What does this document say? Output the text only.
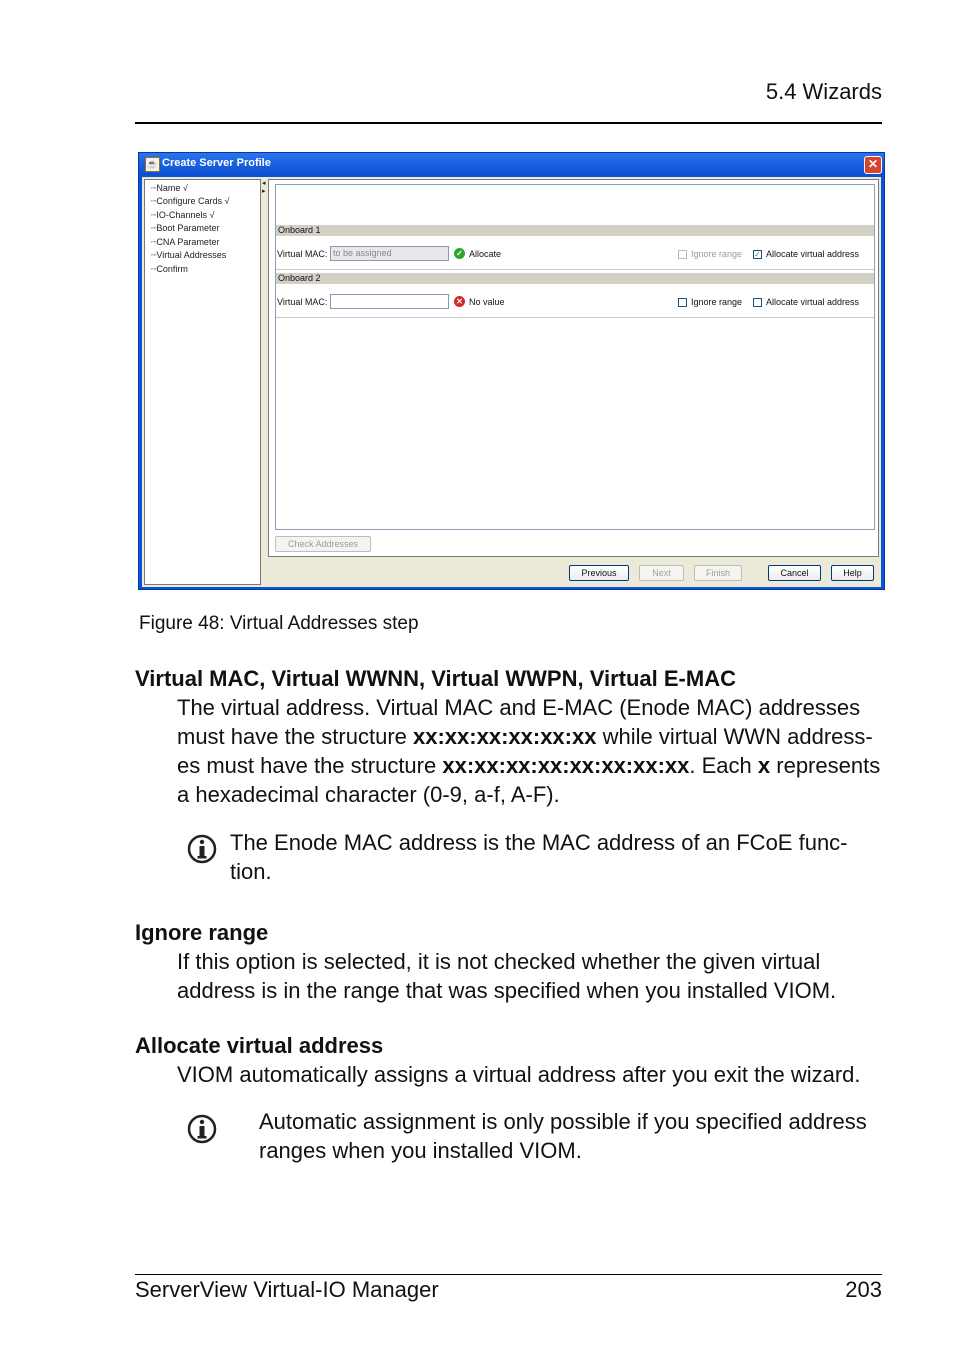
5.4 Wizards
☕ Create Server Profile	✕
┈Name √
┈Configure Cards √
┈IO-Channels √
┈Boot Parameter
┈CNA Parameter
┈Virtual Addresses
┈Confirm
◂
▸
Onboard 1
Virtual MAC: to be assigned	✓ Allocate	Ignore range ✓ Allocate virtual address
Onboard 2
Virtual MAC:	✕ No value	Ignore range	Allocate virtual address
Check Addresses
Previous	Next	Finish	Cancel	Help
Figure 48: Virtual Addresses step
Virtual MAC, Virtual WWNN, Virtual WWPN, Virtual E-MAC
The virtual address. Virtual MAC and E-MAC (Enode MAC) addresses
must have the structure xx:xx:xx:xx:xx:xx while virtual WWN address-
es must have the structure xx:xx:xx:xx:xx:xx:xx:xx. Each x represents
a hexadecimal character (0-9, a-f, A-F).
The Enode MAC address is the MAC address of an FCoE func-
tion.
Ignore range
If this option is selected, it is not checked whether the given virtual
address is in the range that was specified when you installed VIOM.
Allocate virtual address
VIOM automatically assigns a virtual address after you exit the wizard.
Automatic assignment is only possible if you specified address
ranges when you installed VIOM.
ServerView Virtual-IO Manager	203
